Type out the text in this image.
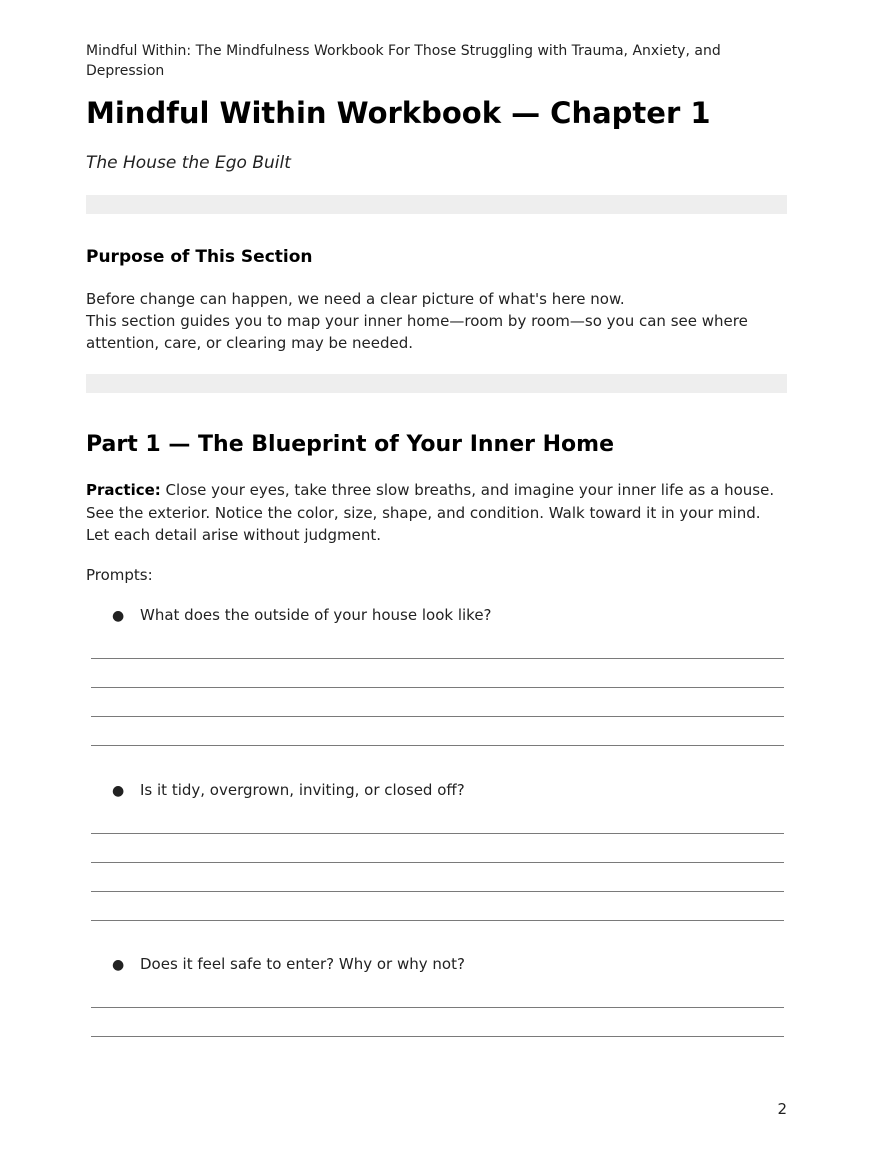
Mindful Within: The Mindfulness Workbook For Those Struggling with Trauma, Anxiety, and Depression
Mindful Within Workbook — Chapter 1

The House the Ego Built

Purpose of This Section
Before change can happen, we need a clear picture of what's here now.
This section guides you to map your inner home—room by room—so you can see where attention, care, or clearing may be needed.
Part 1 — The Blueprint of Your Inner Home
Practice: Close your eyes, take three slow breaths, and imagine your inner life as a house. See the exterior. Notice the color, size, shape, and condition. Walk toward it in your mind. Let each detail arise without judgment.
Prompts:
● What does the outside of your house look like?
● Is it tidy, overgrown, inviting, or closed off?
● Does it feel safe to enter? Why or why not?
2
